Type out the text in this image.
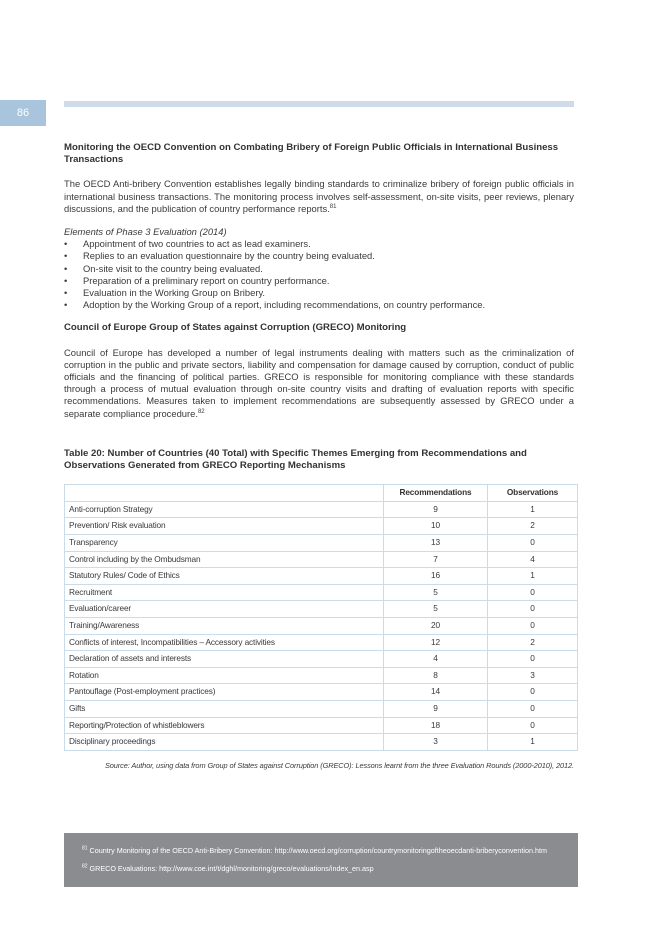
86
Monitoring the OECD Convention on Combating Bribery of Foreign Public Officials in International Business Transactions

The OECD Anti-bribery Convention establishes legally binding standards to criminalize bribery of foreign public officials in international business transactions. The monitoring process involves self-assessment, on-site visits, peer reviews, plenary discussions, and the publication of country performance reports.$^{81}$

Elements of Phase 3 Evaluation (2014)
• Appointment of two countries to act as lead examiners.
• Replies to an evaluation questionnaire by the country being evaluated.
• On-site visit to the country being evaluated.
• Preparation of a preliminary report on country performance.
• Evaluation in the Working Group on Bribery.
• Adoption by the Working Group of a report, including recommendations, on country performance.
Council of Europe Group of States against Corruption (GRECO) Monitoring

Council of Europe has developed a number of legal instruments dealing with matters such as the criminalization of corruption in the public and private sectors, liability and compensation for damage caused by corruption, conduct of public officials and the financing of political parties. GRECO is responsible for monitoring compliance with these standards through a process of mutual evaluation through on-site country visits and drafting of evaluation reports with specific recommendations. Measures taken to implement recommendations are subsequently assessed by GRECO under a separate compliance procedure.$^{82}$

Table 20: Number of Countries (40 Total) with Specific Themes Emerging from Recommendations and Observations Generated from GRECO Reporting Mechanisms
	Recommendations	Observations
Anti-corruption Strategy	9	1
Prevention/ Risk evaluation	10	2
Transparency	13	0
Control including by the Ombudsman	7	4
Statutory Rules/ Code of Ethics	16	1
Recruitment	5	0
Evaluation/career	5	0
Training/Awareness	20	0
Conflicts of interest, Incompatibilities – Accessory activities	12	2
Declaration of assets and interests	4	0
Rotation	8	3
Pantouflage (Post-employment practices)	14	0
Gifts	9	0
Reporting/Protection of whistleblowers	18	0
Disciplinary proceedings	3	1
Source: Author, using data from Group of States against Corruption (GRECO): Lessons learnt from the three Evaluation Rounds (2000-2010), 2012.
$^{81}$ Country Monitoring of the OECD Anti-Bribery Convention: http://www.oecd.org/corruption/countrymonitoringoftheoecdanti-briberyconvention.htm
$^{82}$ GRECO Evaluations: http://www.coe.int/t/dghl/monitoring/greco/evaluations/index_en.asp
